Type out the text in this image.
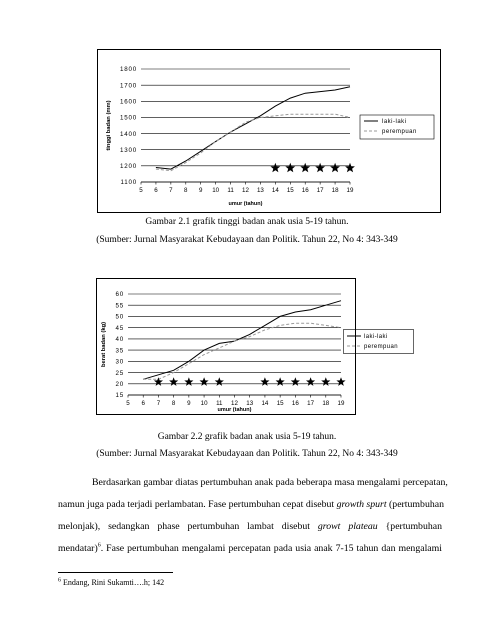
1100
1200
1300
1400
1500
1600
1700
1800
5 6 7 8 9 10 11 12 13 14 15 16 17 18 19
umur (tahun)
tinggi badan (mm)	laki-laki
perempuan
Gambar 2.1 grafik tinggi badan anak usia 5-19 tahun.
(Sumber: Jurnal Masyarakat Kebudayaan dan Politik. Tahun 22, No 4: 343-349
15
20
25
30
35
40
45
50
55
60
5 6 7 8 9 10 11 12 13 14 15 16 17 18 19
umur (tahun)
berat badan (kg)	laki-laki
perempuan
Gambar 2.2 grafik badan anak usia 5-19 tahun.
(Sumber: Jurnal Masyarakat Kebudayaan dan Politik. Tahun 22, No 4: 343-349
Berdasarkan gambar diatas pertumbuhan anak pada beberapa masa mengalami percepatan,
namun juga pada terjadi perlambatan. Fase pertumbuhan cepat disebut growth spurt (pertumbuhan
melonjak), sedangkan phase pertumbuhan lambat disebut growt plateau {pertumbuhan
mendatar)$^6$. Fase pertumbuhan mengalami percepatan pada usia anak 7-15 tahun dan mengalami
$^6$ Endang, Rini Sukamti….h; 142
